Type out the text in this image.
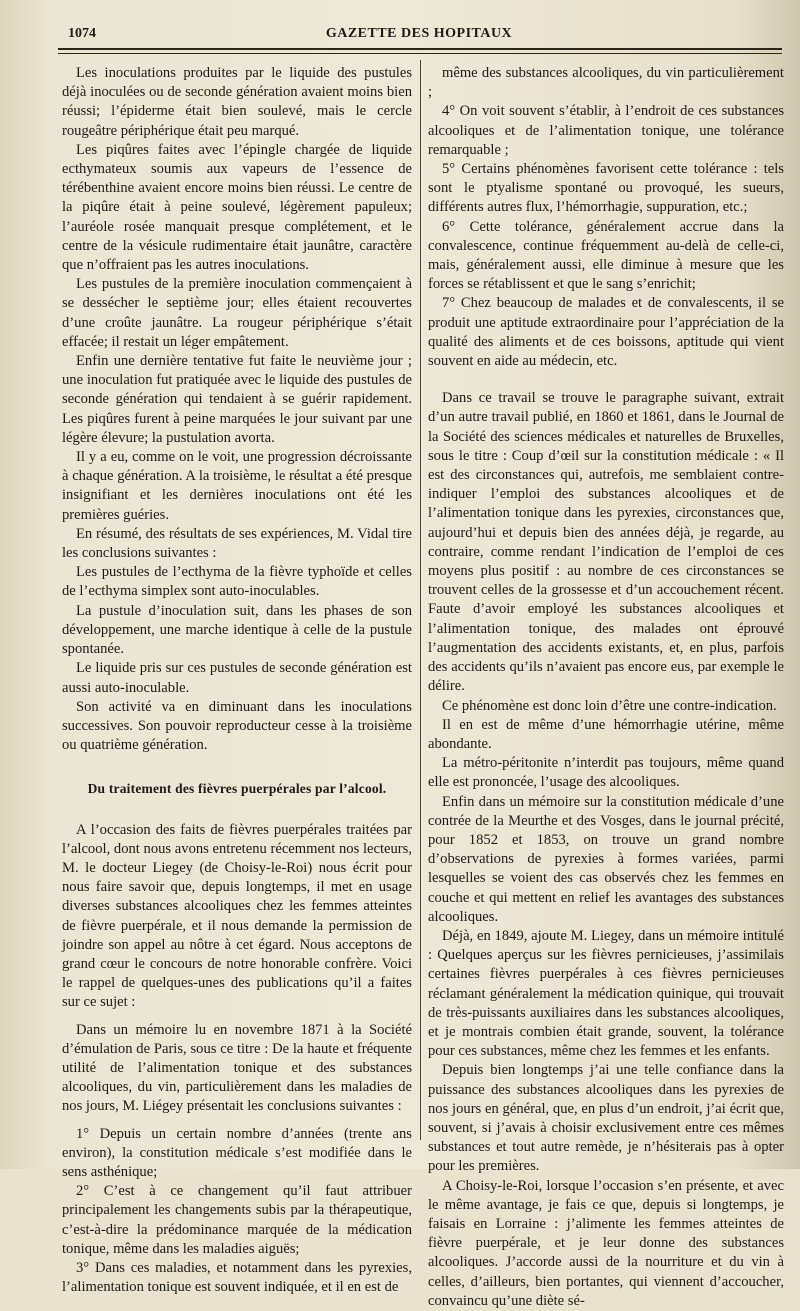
1074	GAZETTE DES HOPITAUX

Les inoculations produites par le liquide des pustules déjà inoculées ou de seconde génération avaient moins bien réussi; l’épiderme était bien soulevé, mais le cercle rougeâtre périphérique était peu marqué.

Les piqûres faites avec l’épingle chargée de liquide ecthymateux soumis aux vapeurs de l’essence de térébenthine avaient encore moins bien réussi. Le centre de la piqûre était à peine soulevé, légèrement papuleux; l’auréole rosée manquait presque complétement, et le centre de la vésicule rudimentaire était jaunâtre, caractère que n’offraient pas les autres inoculations.

Les pustules de la première inoculation commençaient à se dessécher le septième jour; elles étaient recouvertes d’une croûte jaunâtre. La rougeur périphérique s’était effacée; il restait un léger empâtement.

Enfin une dernière tentative fut faite le neuvième jour ; une inoculation fut pratiquée avec le liquide des pustules de seconde génération qui tendaient à se guérir rapidement. Les piqûres furent à peine marquées le jour suivant par une légère élevure; la pustulation avorta.

Il y a eu, comme on le voit, une progression décroissante à chaque génération. A la troisième, le résultat a été presque insignifiant et les dernières inoculations ont été les premières guéries.

En résumé, des résultats de ses expériences, M. Vidal tire les conclusions suivantes :

Les pustules de l’ecthyma de la fièvre typhoïde et celles de l’ecthyma simplex sont auto-inoculables.

La pustule d’inoculation suit, dans les phases de son développement, une marche identique à celle de la pustule spontanée.

Le liquide pris sur ces pustules de seconde génération est aussi auto-inoculable.

Son activité va en diminuant dans les inoculations successives. Son pouvoir reproducteur cesse à la troisième ou quatrième génération.

Du traitement des fièvres puerpérales par l’alcool.

A l’occasion des faits de fièvres puerpérales traitées par l’alcool, dont nous avons entretenu récemment nos lecteurs, M. le docteur Liegey (de Choisy-le-Roi) nous écrit pour nous faire savoir que, depuis longtemps, il met en usage diverses substances alcooliques chez les femmes atteintes de fièvre puerpérale, et il nous demande la permission de joindre son appel au nôtre à cet égard. Nous acceptons de grand cœur le concours de notre honorable confrère. Voici le rappel de quelques-unes des publications qu’il a faites sur ce sujet :

Dans un mémoire lu en novembre 1871 à la Société d’émulation de Paris, sous ce titre : De la haute et fréquente utilité de l’alimentation tonique et des substances alcooliques, du vin, particulièrement dans les maladies de nos jours, M. Liégey présentait les conclusions suivantes :

1° Depuis un certain nombre d’années (trente ans environ), la constitution médicale s’est modifiée dans le sens asthénique;

2° C’est à ce changement qu’il faut attribuer principalement les changements subis par la thérapeutique, c’est-à-dire la prédominance marquée de la médication tonique, même dans les maladies aiguës;

3° Dans ces maladies, et notamment dans les pyrexies, l’alimentation tonique est souvent indiquée, et il en est de

même des substances alcooliques, du vin particulièrement ;

4° On voit souvent s’établir, à l’endroit de ces substances alcooliques et de l’alimentation tonique, une tolérance remarquable ;

5° Certains phénomènes favorisent cette tolérance : tels sont le ptyalisme spontané ou provoqué, les sueurs, différents autres flux, l’hémorrhagie, suppuration, etc.;

6° Cette tolérance, généralement accrue dans la convalescence, continue fréquemment au-delà de celle-ci, mais, généralement aussi, elle diminue à mesure que les forces se rétablissent et que le sang s’enrichit;

7° Chez beaucoup de malades et de convalescents, il se produit une aptitude extraordinaire pour l’appréciation de la qualité des aliments et de ces boissons, aptitude qui vient souvent en aide au médecin, etc.

Dans ce travail se trouve le paragraphe suivant, extrait d’un autre travail publié, en 1860 et 1861, dans le Journal de la Société des sciences médicales et naturelles de Bruxelles, sous le titre : Coup d’œil sur la constitution médicale : « Il est des circonstances qui, autrefois, me semblaient contre-indiquer l’emploi des substances alcooliques et de l’alimentation tonique dans les pyrexies, circonstances que, aujourd’hui et depuis bien des années déjà, je regarde, au contraire, comme rendant l’indication de l’emploi de ces moyens plus positif : au nombre de ces circonstances se trouvent celles de la grossesse et d’un accouchement récent. Faute d’avoir employé les substances alcooliques et l’alimentation tonique, des malades ont éprouvé l’augmentation des accidents existants, et, en plus, parfois des accidents qu’ils n’avaient pas encore eus, par exemple le délire.

Ce phénomène est donc loin d’être une contre-indication.

Il en est de même d’une hémorrhagie utérine, même abondante.

La métro-péritonite n’interdit pas toujours, même quand elle est prononcée, l’usage des alcooliques.

Enfin dans un mémoire sur la constitution médicale d’une contrée de la Meurthe et des Vosges, dans le journal précité, pour 1852 et 1853, on trouve un grand nombre d’observations de pyrexies à formes variées, parmi lesquelles se voient des cas observés chez les femmes en couche et qui mettent en relief les avantages des substances alcooliques.

Déjà, en 1849, ajoute M. Liegey, dans un mémoire intitulé : Quelques aperçus sur les fièvres pernicieuses, j’assimilais certaines fièvres puerpérales à ces fièvres pernicieuses réclamant généralement la médication quinique, qui trouvait de très-puissants auxiliaires dans les substances alcooliques, et je montrais combien était grande, souvent, la tolérance pour ces substances, même chez les femmes et les enfants.

Depuis bien longtemps j’ai une telle confiance dans la puissance des substances alcooliques dans les pyrexies de nos jours en général, que, en plus d’un endroit, j’ai écrit que, souvent, si j’avais à choisir exclusivement entre ces mêmes substances et tout autre remède, je n’hésiterais pas à opter pour les premières.

A Choisy-le-Roi, lorsque l’occasion s’en présente, et avec le même avantage, je fais ce que, depuis si longtemps, je faisais en Lorraine : j’alimente les femmes atteintes de fièvre puerpérale, et je leur donne des substances alcooliques. J’accorde aussi de la nourriture et du vin à celles, d’ailleurs, bien portantes, qui viennent d’accoucher, convaincu qu’une diète sé-
